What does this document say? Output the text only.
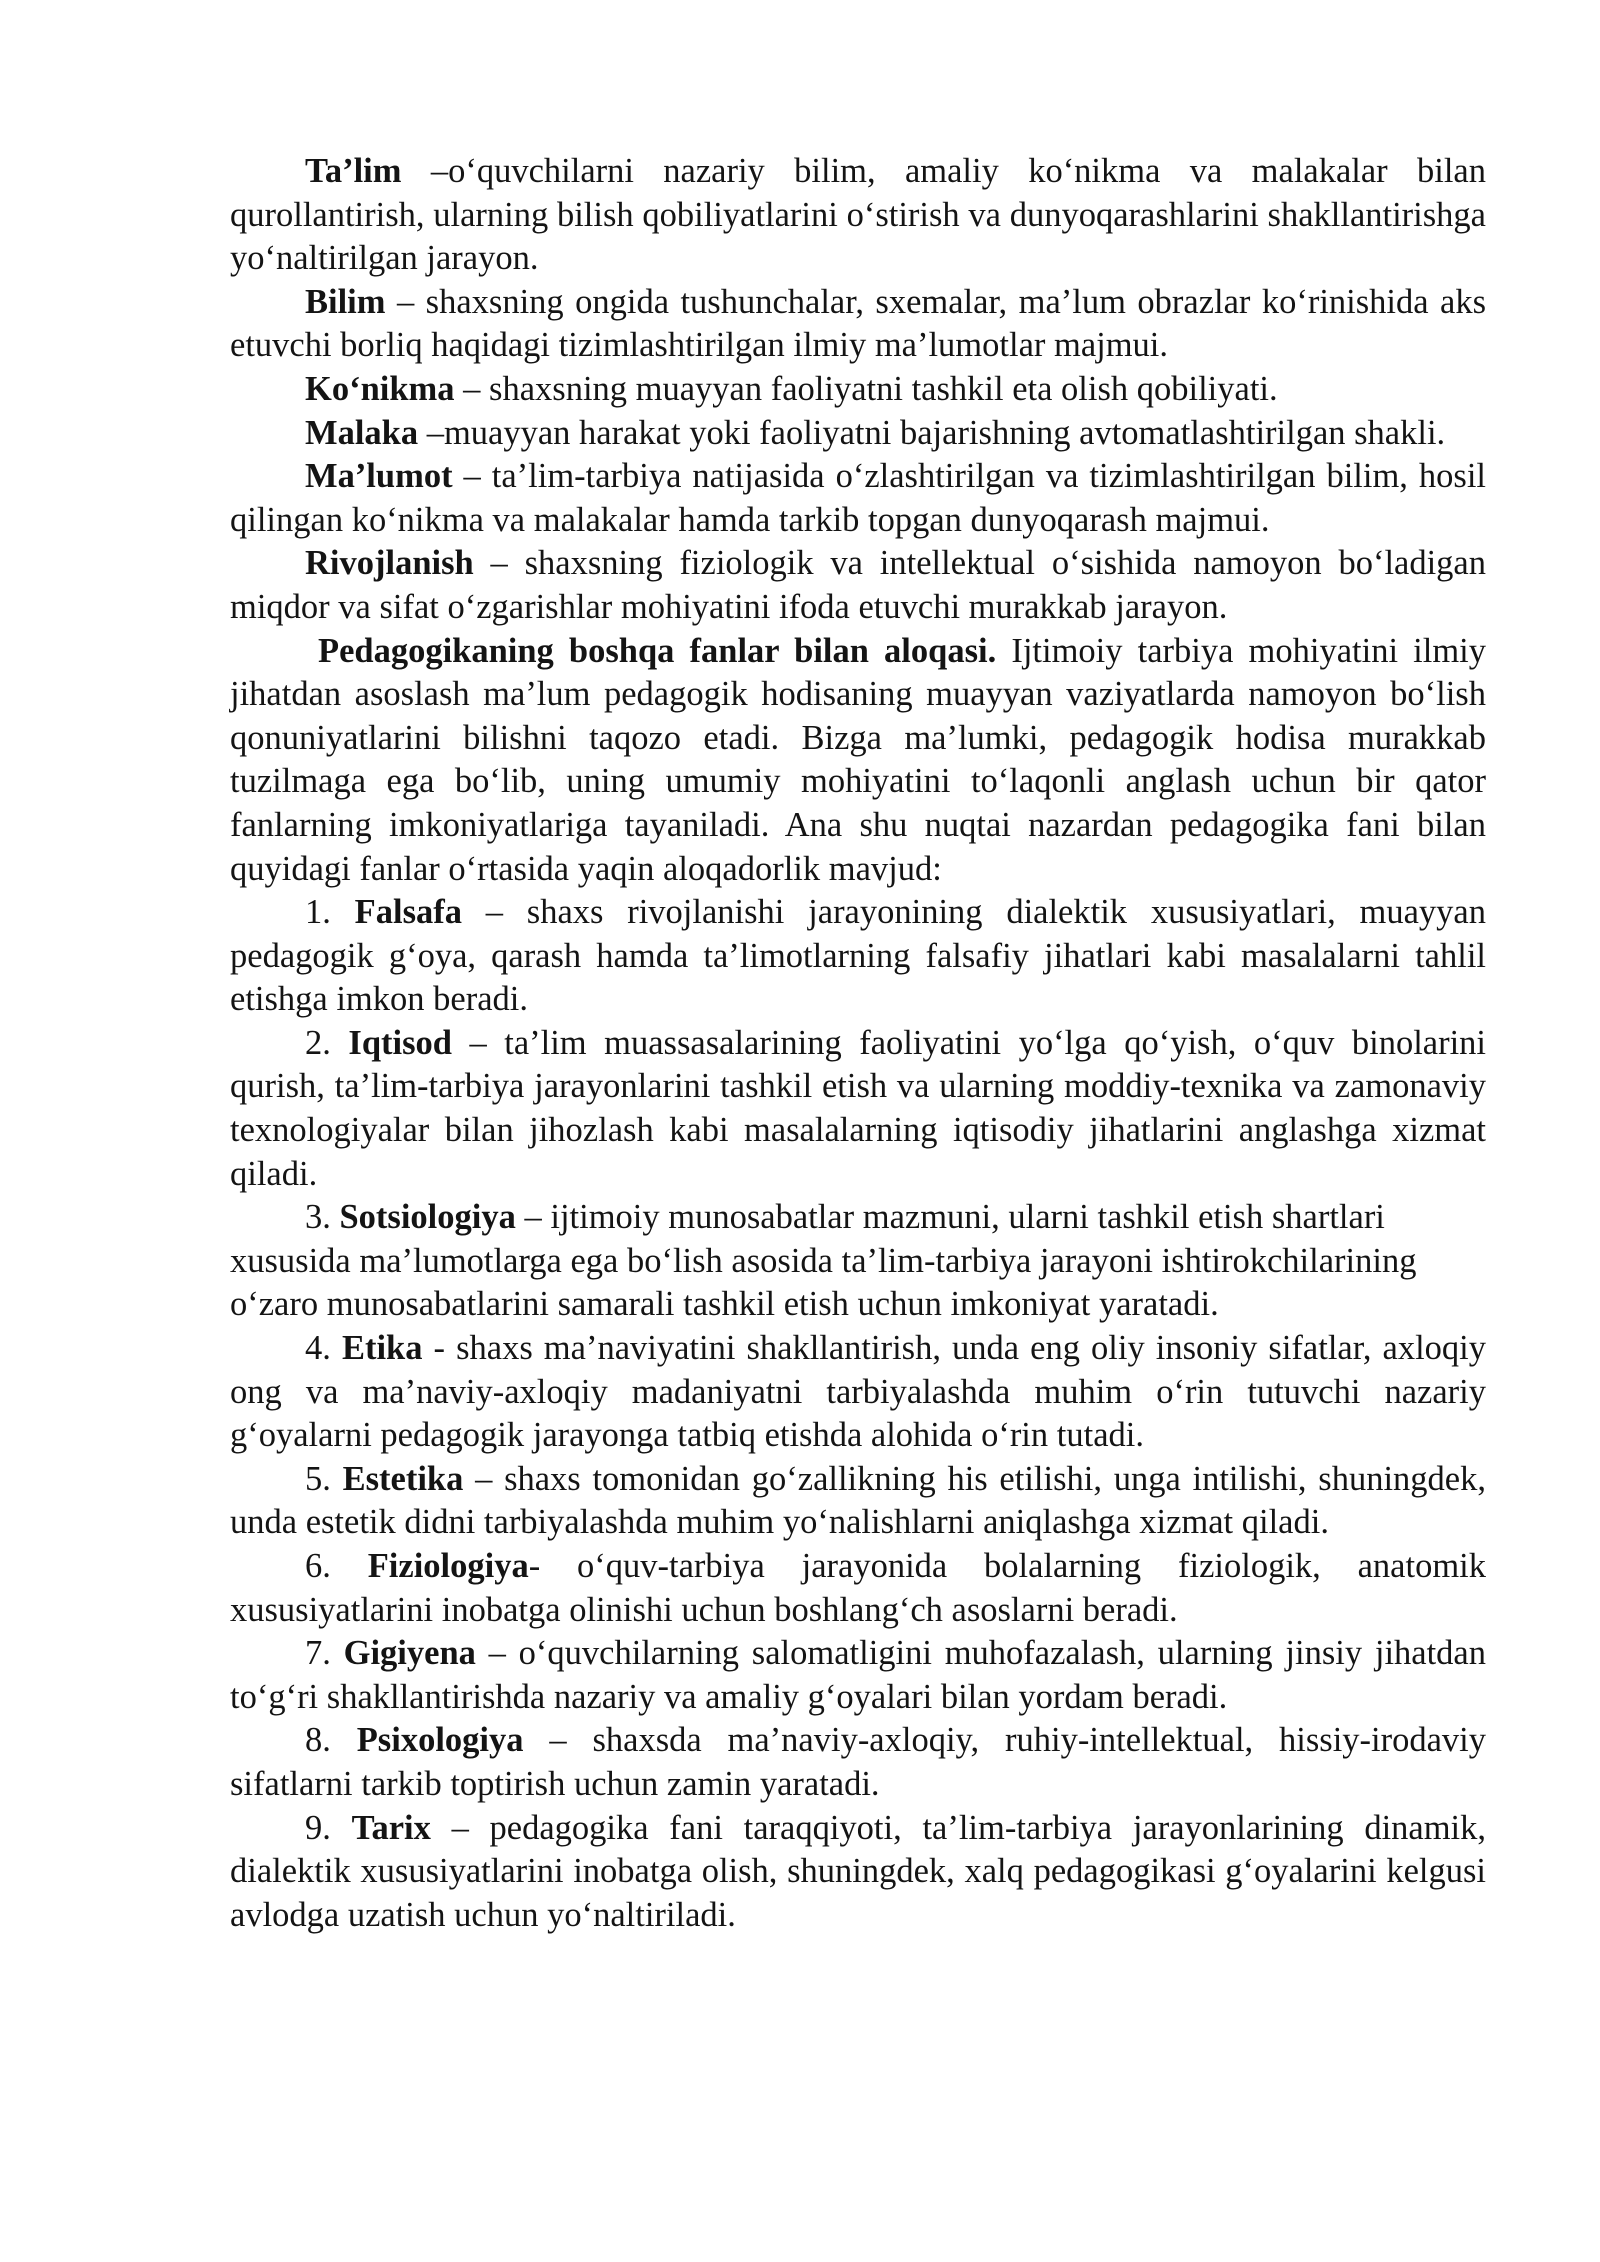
Ta’lim –o‘quvchilarni nazariy bilim, amaliy ko‘nikma va malakalar bilan qurollantirish, ularning bilish qobiliyatlarini o‘stirish va dunyoqarashlarini shakllantirishga yo‘naltirilgan jarayon.

Bilim – shaxsning ongida tushunchalar, sxemalar, ma’lum obrazlar ko‘rinishida aks etuvchi borliq haqidagi tizimlashtirilgan ilmiy ma’lumotlar majmui.

Ko‘nikma – shaxsning muayyan faoliyatni tashkil eta olish qobiliyati.

Malaka –muayyan harakat yoki faoliyatni bajarishning avtomatlashtirilgan shakli.

Ma’lumot – ta’lim-tarbiya natijasida o‘zlashtirilgan va tizimlashtirilgan bilim, hosil qilingan ko‘nikma va malakalar hamda tarkib topgan dunyoqarash majmui.

Rivojlanish – shaxsning fiziologik va intellektual o‘sishida namoyon bo‘ladigan miqdor va sifat o‘zgarishlar mohiyatini ifoda etuvchi murakkab jarayon.

Pedagogikaning boshqa fanlar bilan aloqasi. Ijtimoiy tarbiya mohiyatini ilmiy jihatdan asoslash ma’lum pedagogik hodisaning muayyan vaziyatlarda namoyon bo‘lish qonuniyatlarini bilishni taqozo etadi. Bizga ma’lumki, pedagogik hodisa murakkab tuzilmaga ega bo‘lib, uning umumiy mohiyatini to‘laqonli anglash uchun bir qator fanlarning imkoniyatlariga tayaniladi. Ana shu nuqtai nazardan pedagogika fani bilan quyidagi fanlar o‘rtasida yaqin aloqadorlik mavjud:

1. Falsafa – shaxs rivojlanishi jarayonining dialektik xususiyatlari, muayyan pedagogik g‘oya, qarash hamda ta’limotlarning falsafiy jihatlari kabi masalalarni tahlil etishga imkon beradi.

2. Iqtisod – ta’lim muassasalarining faoliyatini yo‘lga qo‘yish, o‘quv binolarini qurish, ta’lim-tarbiya jarayonlarini tashkil etish va ularning moddiy-texnika va zamonaviy texnologiyalar bilan jihozlash kabi masalalarning iqtisodiy jihatlarini anglashga xizmat qiladi.

3. Sotsiologiya – ijtimoiy munosabatlar mazmuni, ularni tashkil etish shartlari xususida ma’lumotlarga ega bo‘lish asosida ta’lim-tarbiya jarayoni ishtirokchilarining o‘zaro munosabatlarini samarali tashkil etish uchun imkoniyat yaratadi.

4. Etika - shaxs ma’naviyatini shakllantirish, unda eng oliy insoniy sifatlar, axloqiy ong va ma’naviy-axloqiy madaniyatni tarbiyalashda muhim o‘rin tutuvchi nazariy g‘oyalarni pedagogik jarayonga tatbiq etishda alohida o‘rin tutadi.

5. Estetika – shaxs tomonidan go‘zallikning his etilishi, unga intilishi, shuningdek, unda estetik didni tarbiyalashda muhim yo‘nalishlarni aniqlashga xizmat qiladi.

6. Fiziologiya- o‘quv-tarbiya jarayonida bolalarning fiziologik, anatomik xususiyatlarini inobatga olinishi uchun boshlang‘ch asoslarni beradi.

7. Gigiyena – o‘quvchilarning salomatligini muhofazalash, ularning jinsiy jihatdan to‘g‘ri shakllantirishda nazariy va amaliy g‘oyalari bilan yordam beradi.

8. Psixologiya – shaxsda ma’naviy-axloqiy, ruhiy-intellektual, hissiy-irodaviy sifatlarni tarkib toptirish uchun zamin yaratadi.

9. Tarix – pedagogika fani taraqqiyoti, ta’lim-tarbiya jarayonlarining dinamik, dialektik xususiyatlarini inobatga olish, shuningdek, xalq pedagogikasi g‘oyalarini kelgusi avlodga uzatish uchun yo‘naltiriladi.
